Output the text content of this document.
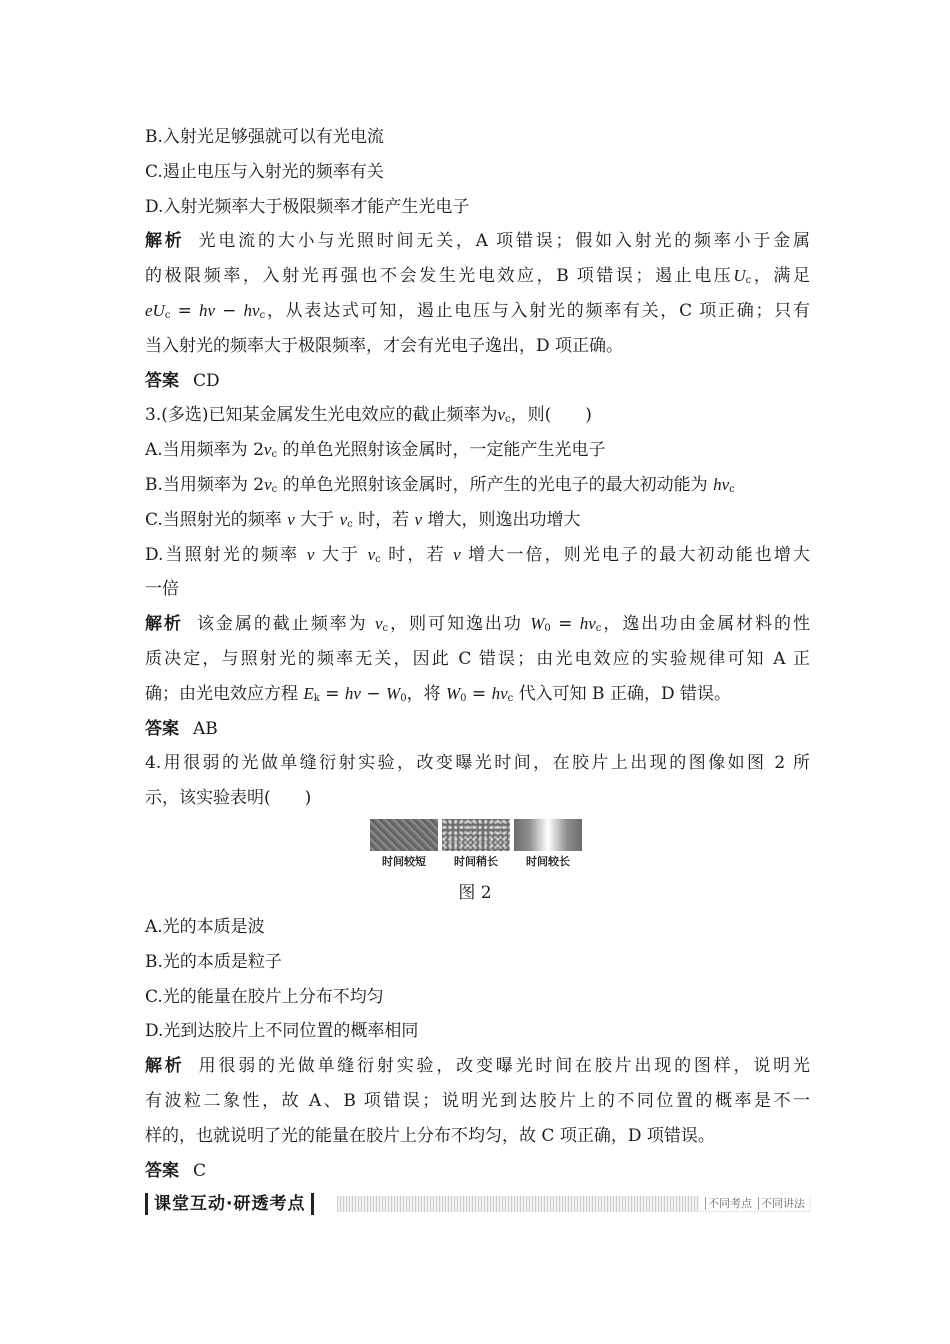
B.入射光足够强就可以有光电流
C.遏止电压与入射光的频率有关
D.入射光频率大于极限频率才能产生光电子
解析 光电流的大小与光照时间无关，A 项错误；假如入射光的频率小于金属
的极限频率，入射光再强也不会发生光电效应，B 项错误；遏止电压$U_c$，满足
$eU_c = h\nu - h\nu_c$，从表达式可知，遏止电压与入射光的频率有关，C 项正确；只有
当入射光的频率大于极限频率，才会有光电子逸出，D 项正确。
答案 CD
3.(多选)已知某金属发生光电效应的截止频率为$\nu_c$，则(　　)
A.当用频率为 $2\nu_c$ 的单色光照射该金属时，一定能产生光电子
B.当用频率为 $2\nu_c$ 的单色光照射该金属时，所产生的光电子的最大初动能为 $h\nu_c$
C.当照射光的频率 ν 大于 $\nu_c$ 时，若 ν 增大，则逸出功增大
D.当照射光的频率 ν 大于 $\nu_c$ 时，若 ν 增大一倍，则光电子的最大初动能也增大
一倍
解析 该金属的截止频率为 $\nu_c$，则可知逸出功 $W_0 = h\nu_c$，逸出功由金属材料的性
质决定，与照射光的频率无关，因此 C 错误；由光电效应的实验规律可知 A 正
确；由光电效应方程 $E_k = h\nu - W_0$，将 $W_0 = h\nu_c$ 代入可知 B 正确，D 错误。
答案 AB
4.用很弱的光做单缝衍射实验，改变曝光时间，在胶片上出现的图像如图 2 所
示，该实验表明(　　)
时间较短	时间稍长	时间较长
图 2
A.光的本质是波
B.光的本质是粒子
C.光的能量在胶片上分布不均匀
D.光到达胶片上不同位置的概率相同
解析 用很弱的光做单缝衍射实验，改变曝光时间在胶片出现的图样，说明光
有波粒二象性，故 A、B 项错误；说明光到达胶片上的不同位置的概率是不一
样的，也就说明了光的能量在胶片上分布不均匀，故 C 项正确，D 项错误。
答案 C
课堂互动·研透考点	不同考点 不同讲法
